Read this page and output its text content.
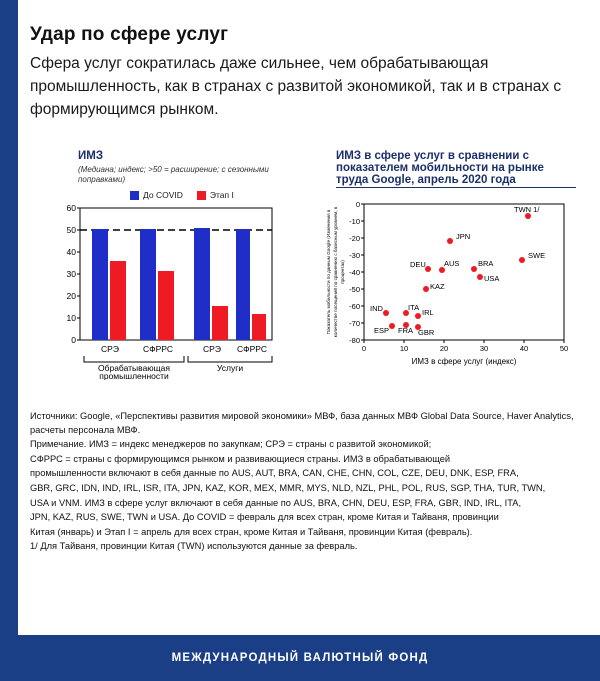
Удар по сфере услуг
Сфера услуг сократилась даже сильнее, чем обрабатывающая промышленность, как в странах с развитой экономикой, так и в странах с формирующимся рынком.
ИМЗ
(Медиана; индекс; >50 = расширение; с сезонными поправками)
До COVID	Этап I
60
50
40
30
20
10
0
СРЭ	СФРРС	СРЭ СФРРС
Обрабатывающая
промышленности
Услуги
ИМЗ в сфере услуг в сравнении с показателем мобильности на рынке труда Google, апрель 2020 года
0
-10
-20
-30
-40
-50
-60
-70
-80
0	10	20	30	40	50
ИМЗ в сфере услуг (индекс)
Показатель мобильности по данным Google (Изменения в количестве посещений по сравнению с базисным уровнем, в процентах)
TWN 1/
JPN
SWE
DEU AUS BRA
USA
KAZ
IND	ITA
IRL
ESP FRA GBR

Источники: Google, «Перспективы развития мировой экономики» МВФ, база данных МВФ Global Data Source, Haver Analytics, расчеты персонала МВФ.

Примечание. ИМЗ = индекс менеджеров по закупкам; СРЭ = страны с развитой экономикой;

СФРРС = страны с формирующимся рынком и развивающиеся страны. ИМЗ в обрабатывающей

промышленности включают в себя данные по AUS, AUT, BRA, CAN, CHE, CHN, COL, CZE, DEU, DNK, ESP, FRA,

GBR, GRC, IDN, IND, IRL, ISR, ITA, JPN, KAZ, KOR, MEX, MMR, MYS, NLD, NZL, PHL, POL, RUS, SGP, THA, TUR, TWN,

USA и VNM. ИМЗ в сфере услуг включают в себя данные по AUS, BRA, CHN, DEU, ESP, FRA, GBR, IND, IRL, ITA,

JPN, KAZ, RUS, SWE, TWN и USA. До COVID = февраль для всех стран, кроме Китая и Тайваня, провинции

Китая (январь) и Этап I = апрель для всех стран, кроме Китая и Тайваня, провинции Китая (февраль).

1/ Для Тайваня, провинции Китая (TWN) используются данные за февраль.

МЕЖДУНАРОДНЫЙ ВАЛЮТНЫЙ ФОНД
